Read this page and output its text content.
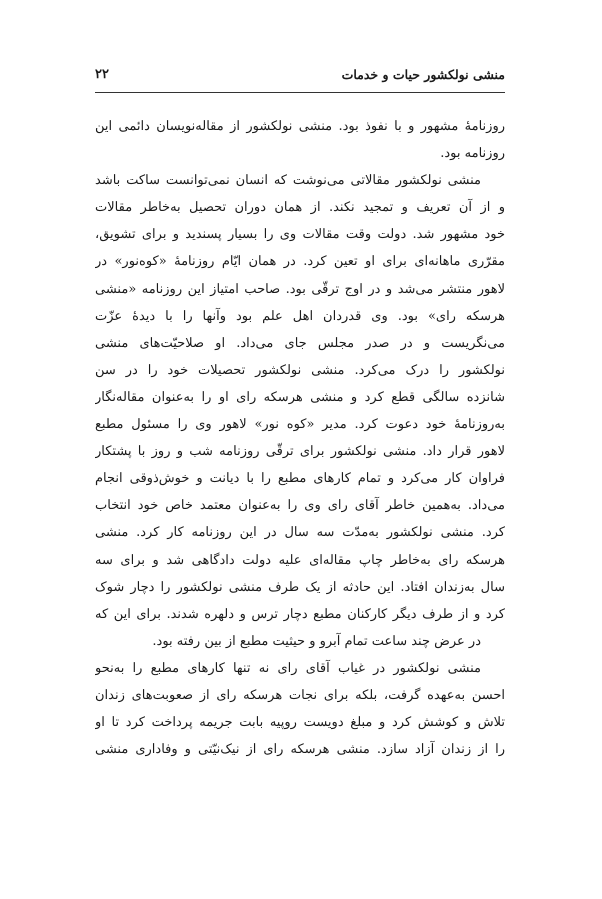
منشی نولکشور حیات و خدمات
۲۲
روزنامهٔ مشهور و با نفوذ بود. منشی نولکشور از مقاله‌نویسان دائمی این
روزنامه بود.
منشی نولکشور مقالاتی می‌نوشت که انسان نمی‌توانست ساکت باشد
و از آن تعریف و تمجید نکند. از همان دوران تحصیل به‌خاطر مقالات
خود مشهور شد. دولت وقت مقالات وی را بسیار پسندید و برای تشویق،
مقرّری ماهانه‌ای برای او تعین کرد. در همان ایّام روزنامهٔ «کوه‌نور» در
لاهور منتشر می‌شد و در اوج ترقّی بود. صاحب امتیاز این روزنامه «منشی
هرسکه رای» بود. وی قدردان اهل علم بود وآنها را با دیدهٔ عزّت
می‌نگریست و در صدر مجلس جای می‌داد. او صلاحیّت‌های منشی
نولکشور را درک می‌کرد. منشی نولکشور تحصیلات خود را در سن
شانزده سالگی قطع کرد و منشی هرسکه رای او را به‌عنوان مقاله‌نگار
به‌روزنامهٔ خود دعوت کرد. مدیر «کوه نور» لاهور وی را مسئول مطبع
لاهور قرار داد. منشی نولکشور برای ترقّی روزنامه شب و روز با پشتکار
فراوان کار می‌کرد و تمام کارهای مطبع را با دیانت و خوش‌ذوقی انجام
می‌داد. به‌همین خاطر آقای رای وی را به‌عنوان معتمد خاص خود انتخاب
کرد. منشی نولکشور به‌مدّت سه سال در این روزنامه کار کرد. منشی
هرسکه رای به‌خاطر چاپ مقاله‌ای علیه دولت دادگاهی شد و برای سه
سال به‌زندان افتاد. این حادثه از یک طرف منشی نولکشور را دچار شوک
کرد و از طرف دیگر کارکنان مطبع دچار ترس و دلهره شدند. برای این که
در عرض چند ساعت تمام آبرو و حیثیت مطبع از بین رفته بود.
منشی نولکشور در غیاب آقای رای نه تنها کارهای مطبع را به‌نحو
احسن به‌عهده گرفت، بلکه برای نجات هرسکه رای از صعوبت‌های زندان
تلاش و کوشش کرد و مبلغ دویست روپیه بابت جریمه پرداخت کرد تا او
را از زندان آزاد سازد. منشی هرسکه رای از نیک‌نیّتی و وفاداری منشی
